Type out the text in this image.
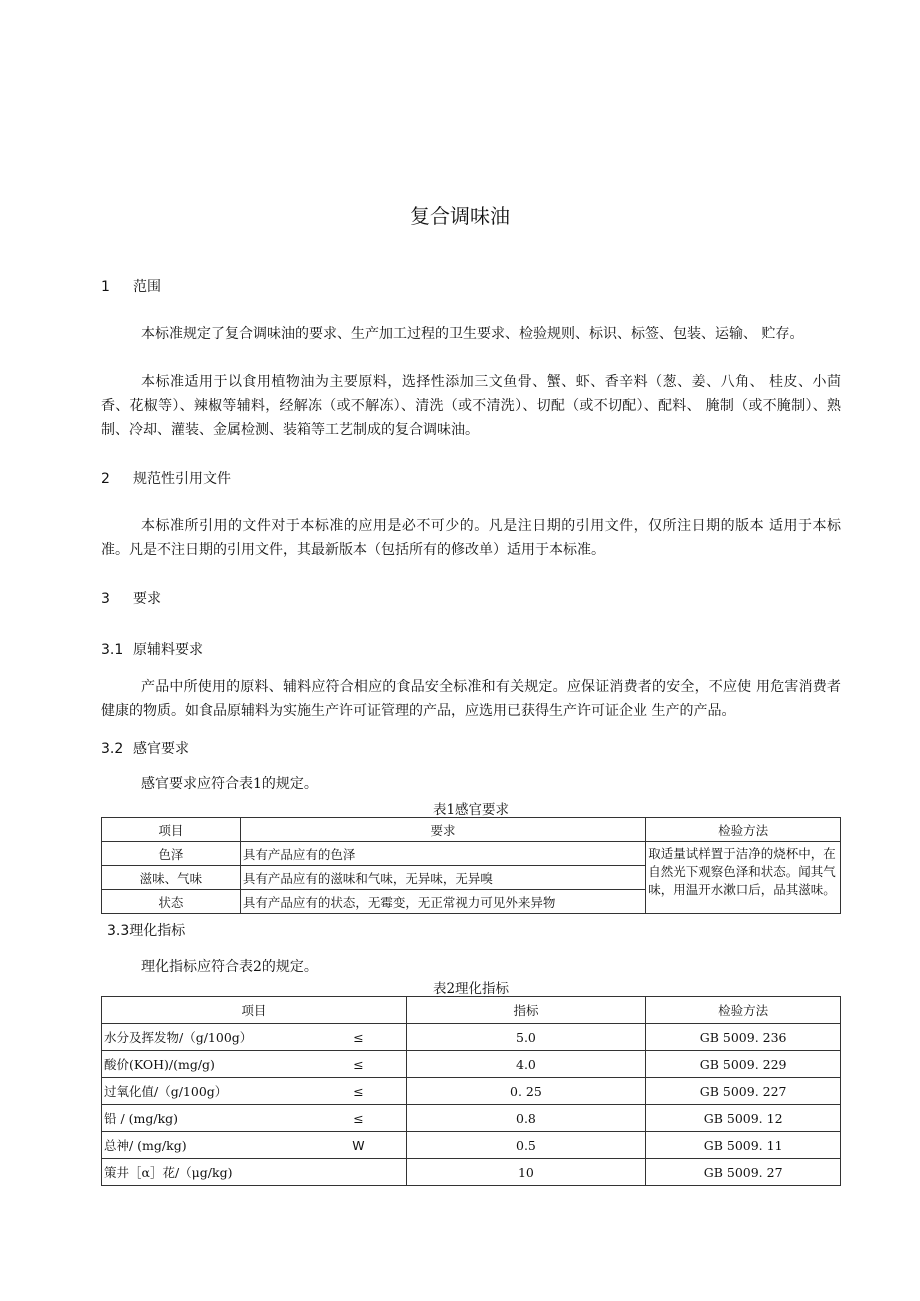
复合调味油
1 范围
本标准规定了复合调味油的要求、生产加工过程的卫生要求、检验规则、标识、标签、包装、运输、 贮存。
本标准适用于以食用植物油为主要原料，选择性添加三文鱼骨、蟹、虾、香辛料（葱、姜、八角、 桂皮、小茴香、花椒等）、辣椒等辅料，经解冻（或不解冻）、清洗（或不清洗）、切配（或不切配）、配料、 腌制（或不腌制）、熟制、冷却、灌装、金属检测、装箱等工艺制成的复合调味油。
2 规范性引用文件
本标准所引用的文件对于本标准的应用是必不可少的。凡是注日期的引用文件，仅所注日期的版本 适用于本标准。凡是不注日期的引用文件，其最新版本（包括所有的修改单）适用于本标准。
3 要求
3.1 原辅料要求
产品中所使用的原料、辅料应符合相应的食品安全标准和有关规定。应保证消费者的安全，不应使 用危害消费者健康的物质。如食品原辅料为实施生产许可证管理的产品，应选用已获得生产许可证企业 生产的产品。
3.2 感官要求
感官要求应符合表1的规定。
表1感官要求
项目	要求	检验方法
色泽	具有产品应有的色泽	取适量试样置于洁净的烧杯中，在自然光下观察色泽和状态。闻其气味，用温开水漱口后，品其滋味。
滋味、气味	具有产品应有的滋味和气味，无异味，无异嗅	
状态	具有产品应有的状态，无霉变，无正常视力可见外来异物	
3.3理化指标
理化指标应符合表2的规定。
表2理化指标
项目		指标	检验方法
水分及挥发物/（g/100g）	≤	5.0	GB 5009. 236
酸价(KOH)/(mg/g)	≤	4.0	GB 5009. 229
过氧化值/（g/100g）	≤	0. 25	GB 5009. 227
铅 / (mg/kg)	≤	0.8	GB 5009. 12
总神/ (mg/kg)	W	0.5	GB 5009. 11
策井［α］花/（μg/kg)		10	GB 5009. 27
